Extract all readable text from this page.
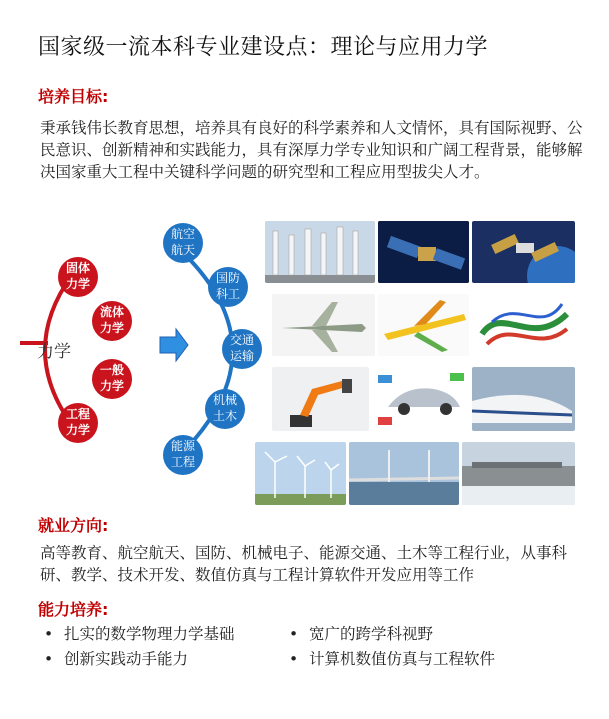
国家级一流本科专业建设点：理论与应用力学
培养目标:
秉承钱伟长教育思想，培养具有良好的科学素养和人文情怀，具有国际视野、公民意识、创新精神和实践能力，具有深厚力学专业知识和广阔工程背景，能够解决国家重大工程中关键科学问题的研究型和工程应用型拔尖人才。
力学
固体
力学
流体
力学
一般
力学
工程
力学
航空
航天
国防
科工
交通
运输
机械
土木
能源
工程
就业方向:
高等教育、航空航天、国防、机械电子、能源交通、土木等工程行业，从事科研、教学、技术开发、数值仿真与工程计算软件开发应用等工作
能力培养:
• 扎实的数学物理力学基础	• 宽广的跨学科视野
• 创新实践动手能力	• 计算机数值仿真与工程软件
